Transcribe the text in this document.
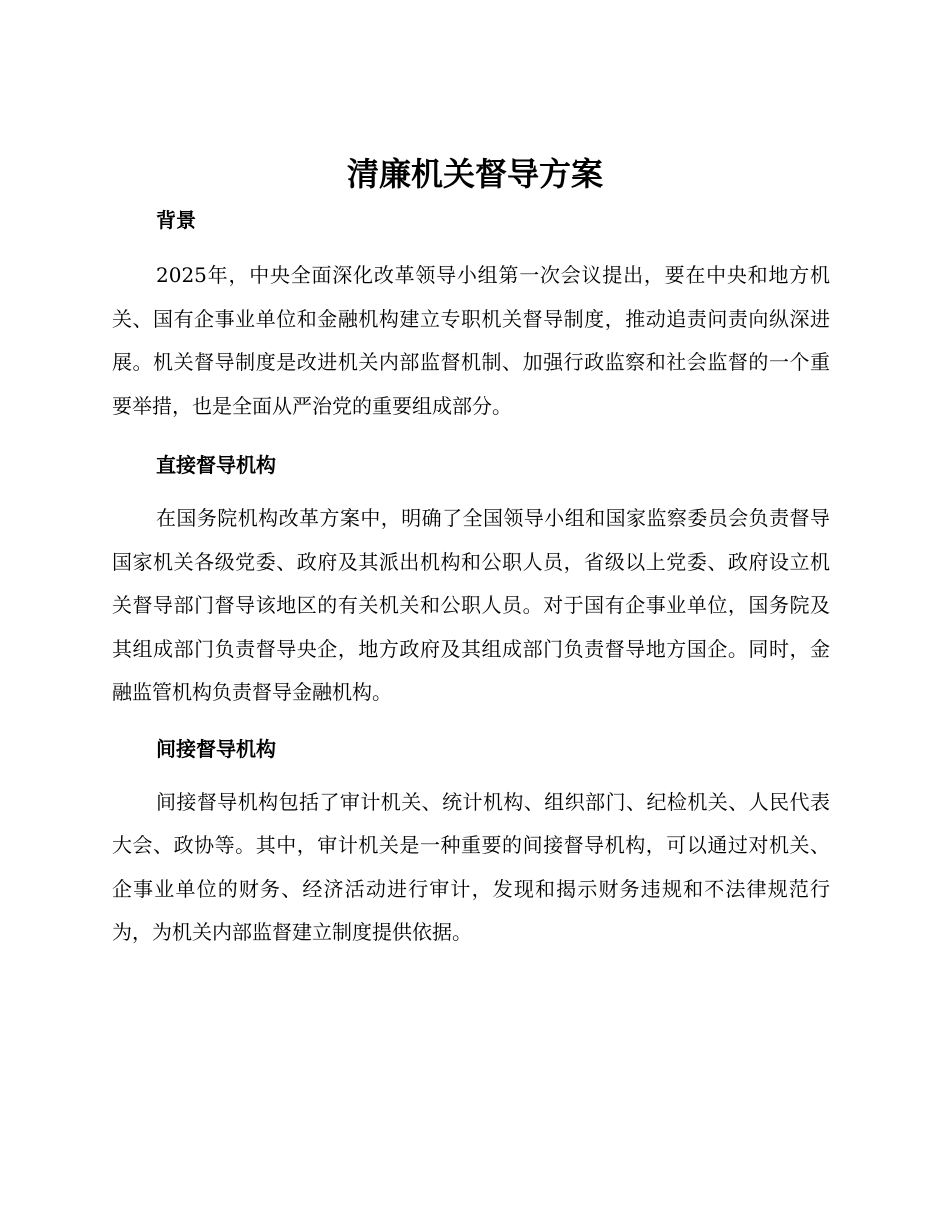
清廉机关督导方案
背景

2025年，中央全面深化改革领导小组第一次会议提出，要在中央和地方机关、国有企事业单位和金融机构建立专职机关督导制度，推动追责问责向纵深进展。机关督导制度是改进机关内部监督机制、加强行政监察和社会监督的一个重要举措，也是全面从严治党的重要组成部分。

直接督导机构

在国务院机构改革方案中，明确了全国领导小组和国家监察委员会负责督导国家机关各级党委、政府及其派出机构和公职人员，省级以上党委、政府设立机关督导部门督导该地区的有关机关和公职人员。对于国有企事业单位，国务院及其组成部门负责督导央企，地方政府及其组成部门负责督导地方国企。同时，金融监管机构负责督导金融机构。

间接督导机构

间接督导机构包括了审计机关、统计机构、组织部门、纪检机关、人民代表大会、政协等。其中，审计机关是一种重要的间接督导机构，可以通过对机关、企事业单位的财务、经济活动进行审计，发现和揭示财务违规和不法律规范行为，为机关内部监督建立制度提供依据。
